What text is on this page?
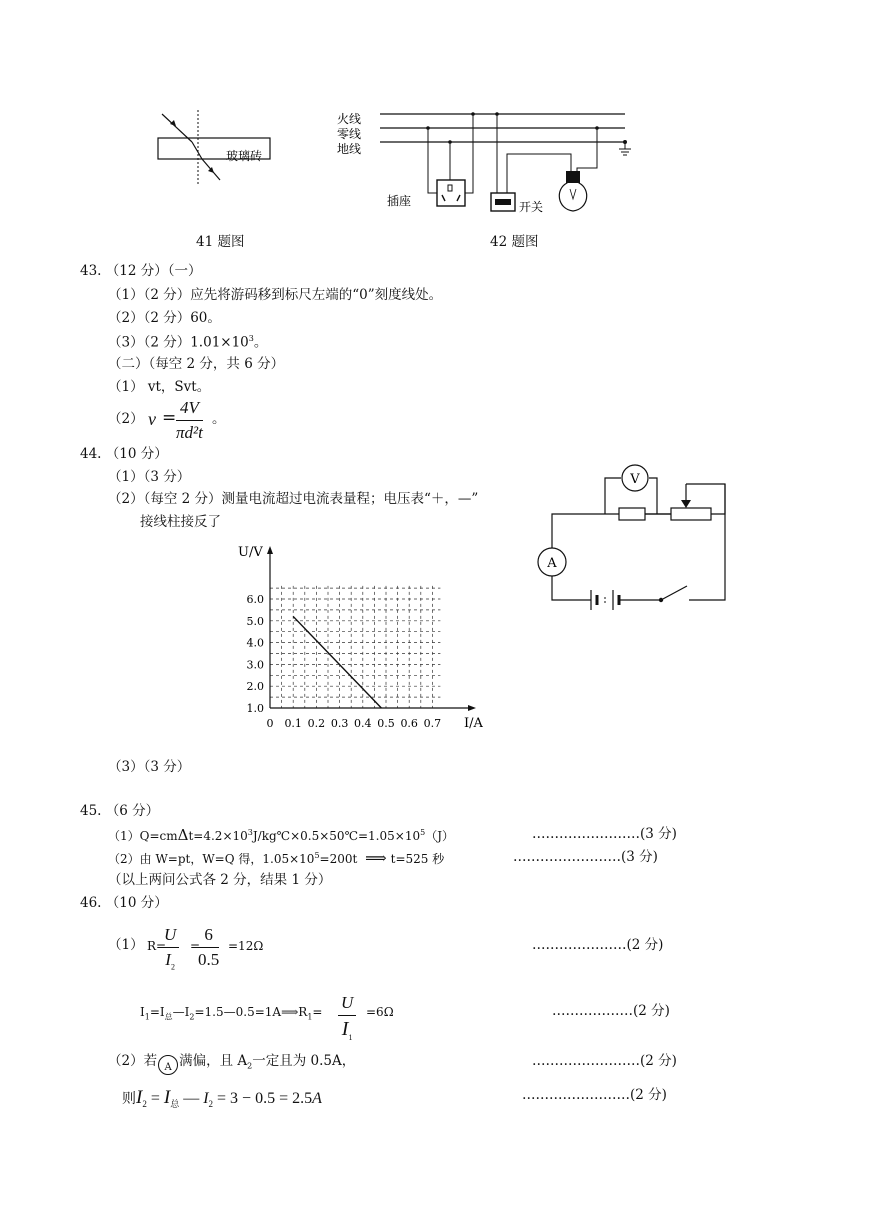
玻璃砖
41 题图
火线
零线
地线
插座	开关
42 题图
43. （12 分）（一）
（1）（2 分）应先将游码移到标尺左端的“0”刻度线处。
（2）（2 分）60。
（3）（2 分）$1.01\times 10^3$。
（二）（每空 2 分，共 6 分）
（1） vt，Svt。
（2） $v = \frac{4V}{\text{πd²t}}$ 。
44. （10 分）
（1）（3 分）
（2）（每空 2 分）测量电流超过电流表量程；电压表“＋，—”
接线柱接反了
V
A
0 0.1 0.2 0.3 0.4 0.5 0.6 0.7
1.0
2.0
3.0
4.0
5.0
6.0
I/A
U/V
（3）（3 分）
45. （6 分）
$(1)Q=cm\Delta t=4.2\times 10^3J/kg℃\times 0.5\times 50℃=1.05\times 10^5(J)$	……………………(3 分)
（2）由 W=pt，W=Q 得，$1.05\times 10^5=200t$ ⟹ t=525 秒	……………………(3 分)
（以上两问公式各 2 分，结果 1 分）
46. （10 分）
（1） R=
$\frac{U}{I_2}$ =
$\frac{6}{0.5} =12\Omega$	…………………(2 分)
$I_1=I_总—I_2=1.5—0.5=1A⟹R_1= U$
$I_1$
=6Ω	………………(2 分)
（2）若 A 满偏，且 $A_2$一定且为 0.5A，	……………………(2 分)
则$I_2 = I_总$ — $I_2 = 3 - 0.5 = 2.5A$	……………………(2 分)
